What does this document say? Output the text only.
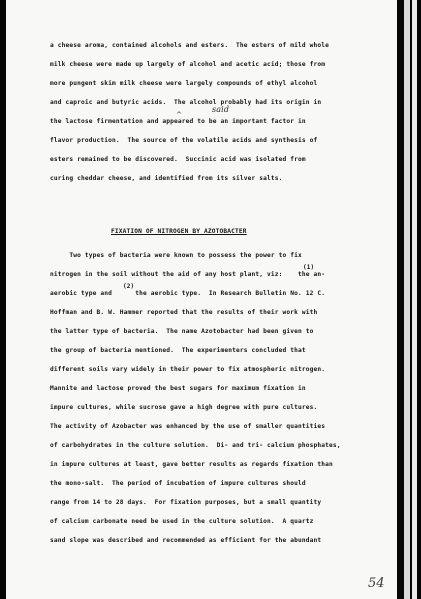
a cheese aroma, contained alcohols and esters.  The esters of mild whole

milk cheese were made up largely of alcohol and acetic acid; those from

more pungent skim milk cheese were largely compounds of ethyl alcohol

and caproic and butyric acids.  The alcohol probably had its origin in

the lactose firmentation and appeared to be an important factor in

flavor production.  The source of the volatile acids and synthesis of

esters remained to be discovered.  Succinic acid was isolated from

curing cheddar cheese, and identified from its silver salts.

said

^

FIXATION OF NITROGEN BY AZOTOBACTER

Two types of bacteria were known to possess the power to fix

nitrogen in the soil without the aid of any host plant, viz:    the an-

aerobic type and      the aerobic type.  In Research Bulletin No. 12 C.

Hoffman and B. W. Hammer reported that the results of their work with

the latter type of bacteria.  The name Azotobacter had been given to

the group of bacteria mentioned.  The experimenters concluded that

different soils vary widely in their power to fix atmospheric nitrogen.

Mannite and lactose proved the best sugars for maximum fixation in

impure cultures, while sucrose gave a high degree with pure cultures.

The activity of Azobacter was enhanced by the use of smaller quantities

of carbohydrates in the culture solution.  Di- and tri- calcium phosphates,

in impure cultures at least, gave better results as regards fixation than

the mono-salt.  The period of incubation of impure cultures should

range from 14 to 28 days.  For fixation purposes, but a small quantity

of calcium carbonate need be used in the culture solution.  A quartz

sand slope was described and recommended as efficient for the abundant

(1)

(2)

54
